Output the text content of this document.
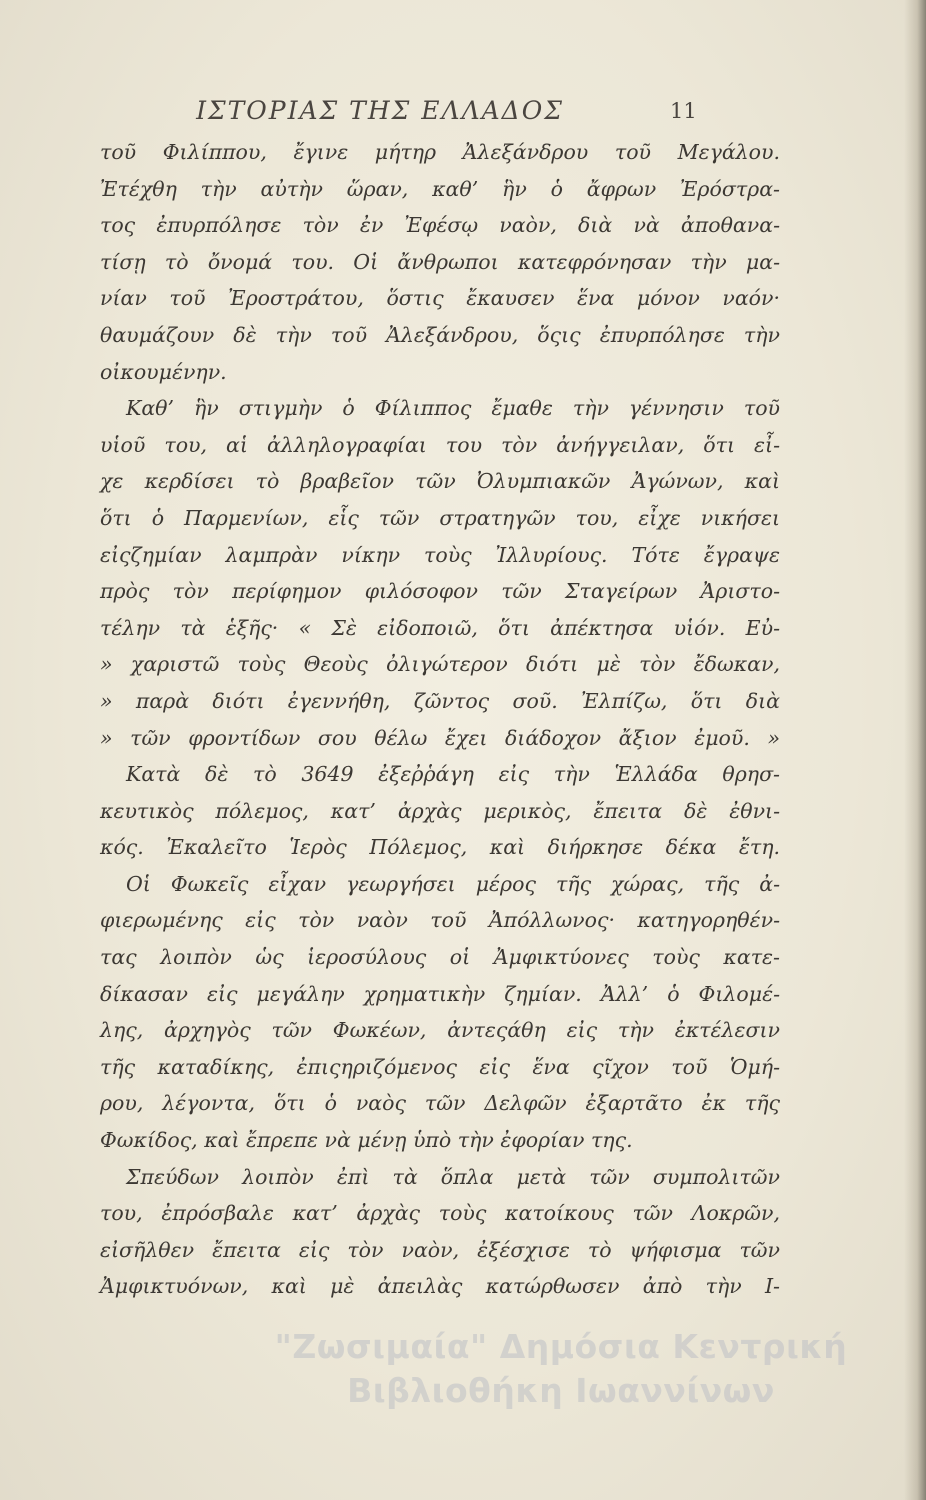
ΙΣΤΟΡΙΑΣ ΤΗΣ ΕΛΛΑΔΟΣ	11
τοῦ Φιλίππου, ἔγινε μήτηρ Ἀλεξάνδρου τοῦ Μεγάλου.
Ἐτέχθη τὴν αὐτὴν ὥραν, καθ’ ἣν ὁ ἄφρων Ἐρόστρα-
τος ἐπυρπόλησε τὸν ἐν Ἐφέσῳ ναὸν, διὰ νὰ ἀποθανα-
τίσῃ τὸ ὄνομά του. Οἱ ἄνθρωποι κατεφρόνησαν τὴν μα-
νίαν τοῦ Ἐροστράτου, ὅστις ἔκαυσεν ἕνα μόνον ναόν·
θαυμάζουν δὲ τὴν τοῦ Ἀλεξάνδρου, ὅςις ἐπυρπόλησε τὴν
οἰκουμένην.
Καθ’ ἣν στιγμὴν ὁ Φίλιππος ἔμαθε τὴν γέννησιν τοῦ
υἱοῦ του, αἱ ἀλληλογραφίαι του τὸν ἀνήγγειλαν, ὅτι εἶ-
χε κερδίσει τὸ βραβεῖον τῶν Ὀλυμπιακῶν Ἀγώνων, καὶ
ὅτι ὁ Παρμενίων, εἷς τῶν στρατηγῶν του, εἶχε νικήσει
εἰςζημίαν λαμπρὰν νίκην τοὺς Ἰλλυρίους. Τότε ἔγραψε
πρὸς τὸν περίφημον φιλόσοφον τῶν Σταγείρων Ἀριστο-
τέλην τὰ ἑξῆς· « Σὲ εἰδοποιῶ, ὅτι ἀπέκτησα υἱόν. Εὐ-
» χαριστῶ τοὺς Θεοὺς ὀλιγώτερον διότι μὲ τὸν ἔδωκαν,
» παρὰ διότι ἐγεννήθη, ζῶντος σοῦ. Ἐλπίζω, ὅτι διὰ
» τῶν φροντίδων σου θέλω ἔχει διάδοχον ἄξιον ἐμοῦ. »
Κατὰ δὲ τὸ 3649 ἐξεῤῥάγη εἰς τὴν Ἑλλάδα θρησ-
κευτικὸς πόλεμος, κατ’ ἀρχὰς μερικὸς, ἔπειτα δὲ ἐθνι-
κός. Ἐκαλεῖτο Ἱερὸς Πόλεμος, καὶ διήρκησε δέκα ἔτη.
Οἱ Φωκεῖς εἶχαν γεωργήσει μέρος τῆς χώρας, τῆς ἀ-
φιερωμένης εἰς τὸν ναὸν τοῦ Ἀπόλλωνος· κατηγορηθέν-
τας λοιπὸν ὡς ἱεροσύλους οἱ Ἀμφικτύονες τοὺς κατε-
δίκασαν εἰς μεγάλην χρηματικὴν ζημίαν. Ἀλλ’ ὁ Φιλομέ-
λης, ἀρχηγὸς τῶν Φωκέων, ἀντεςάθη εἰς τὴν ἐκτέλεσιν
τῆς καταδίκης, ἐπιςηριζόμενος εἰς ἕνα ςῖχον τοῦ Ὁμή-
ρου, λέγοντα, ὅτι ὁ ναὸς τῶν Δελφῶν ἐξαρτᾶτο ἐκ τῆς
Φωκίδος, καὶ ἔπρεπε νὰ μένῃ ὑπὸ τὴν ἐφορίαν της.
Σπεύδων λοιπὸν ἐπὶ τὰ ὅπλα μετὰ τῶν συμπολιτῶν
του, ἐπρόσβαλε κατ’ ἀρχὰς τοὺς κατοίκους τῶν Λοκρῶν,
εἰσῆλθεν ἔπειτα εἰς τὸν ναὸν, ἐξέσχισε τὸ ψήφισμα τῶν
Ἀμφικτυόνων, καὶ μὲ ἀπειλὰς κατώρθωσεν ἀπὸ τὴν Ι-
"Ζωσιμαία" Δημόσια Κεντρική
Βιβλιοθήκη Ιωαννίνων
